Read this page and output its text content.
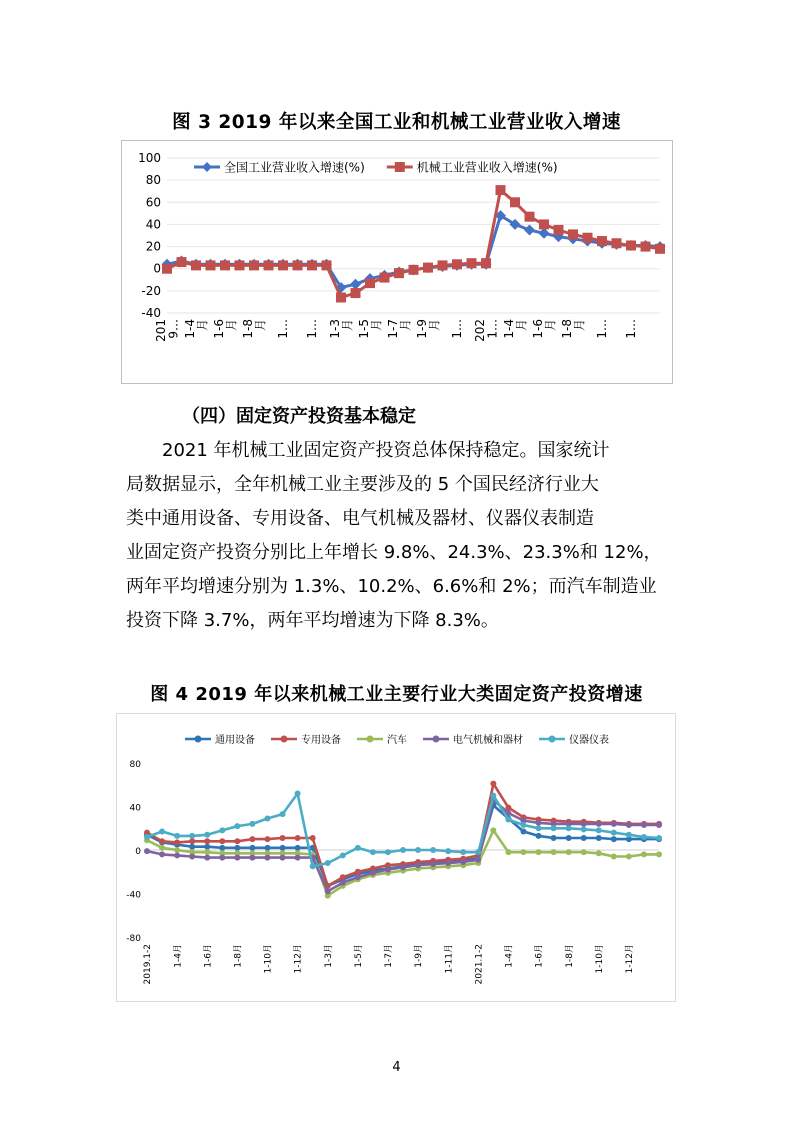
图 3 2019 年以来全国工业和机械工业营业收入增速
-40
-20
0
20
40
60
80
100
201
9… 1-4
月 1-6
月 1-8
月 1… 1… 1-3
月 1-5
月 1-7
月 1-9
月 1… 202
1… 1-4
月 1-6
月 1-8
月 1… 1…
全国工业营业收入增速(%)	机械工业营业收入增速(%)
（四）固定资产投资基本稳定
2021 年机械工业固定资产投资总体保持稳定。国家统计
局数据显示，全年机械工业主要涉及的 5 个国民经济行业大
类中通用设备、专用设备、电气机械及器材、仪器仪表制造
业固定资产投资分别比上年增长 9.8%、24.3%、23.3%和 12%，
两年平均增速分别为 1.3%、10.2%、6.6%和 2%；而汽车制造业
投资下降 3.7%，两年平均增速为下降 8.3%。
图 4 2019 年以来机械工业主要行业大类固定资产投资增速
-80
-40
0
40
80
2019.1-2 1-4月 1-6月 1-8月 1-10月 1-12月 1-3月 1-5月 1-7月 1-9月 1-11月 2021.1-2 1-4月 1-6月 1-8月 1-10月 1-12月
通用设备	专用设备	汽车	电气机械和器材	仪器仪表
4
